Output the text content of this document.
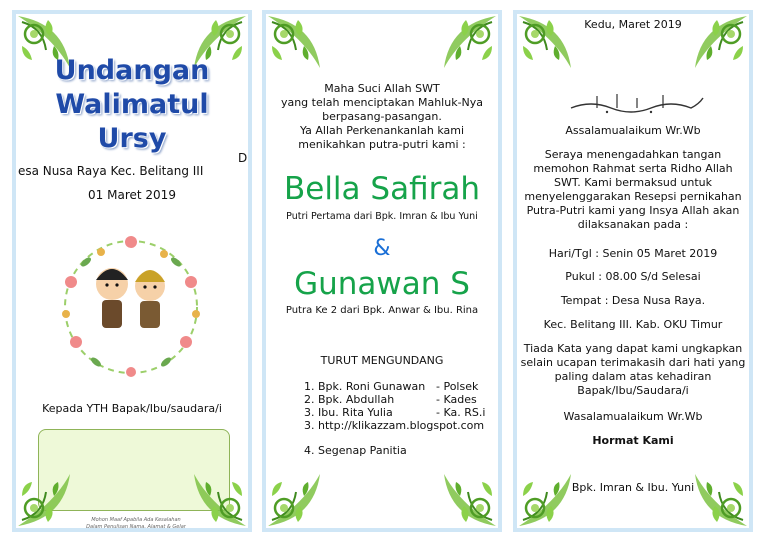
Undangan
Walimatul
Ursy
D
esa Nusa Raya Kec. Belitang III
01 Maret 2019
Kepada YTH Bapak/Ibu/saudara/i
Mohon Maaf Apabila Ada Kesalahan
Dalam Penulisan Nama, Alamat & Gelar
Maha Suci Allah SWT
yang telah menciptakan Mahluk-Nya
berpasang-pasangan.
Ya Allah Perkenankanlah kami
menikahkan putra-putri kami :
Bella Safirah
Putri Pertama dari Bpk. Imran & Ibu Yuni
&
Gunawan S
Putra Ke 2 dari Bpk. Anwar & Ibu. Rina
TURUT MENGUNDANG
1. Bpk. Roni Gunawan - Polsek
2. Bpk. Abdullah	- Kades
3. Ibu. Rita Yulia	- Ka. RS.i
3. http://klikazzam.blogspot.com
4. Segenap Panitia
Kedu, Maret 2019
Assalamualaikum Wr.Wb
Seraya menengadahkan tangan
memohon Rahmat serta Ridho Allah
SWT. Kami bermaksud untuk
menyelenggarakan Resepsi pernikahan
Putra-Putri kami yang Insya Allah akan
dilaksanakan pada :
Hari/Tgl : Senin 05 Maret 2019
Pukul : 08.00 S/d Selesai
Tempat : Desa Nusa Raya.
Kec. Belitang III. Kab. OKU Timur
Tiada Kata yang dapat kami ungkapkan
selain ucapan terimakasih dari hati yang
paling dalam atas kehadiran
Bapak/Ibu/Saudara/i
Wasalamualaikum Wr.Wb
Hormat Kami
Bpk. Imran & Ibu. Yuni
